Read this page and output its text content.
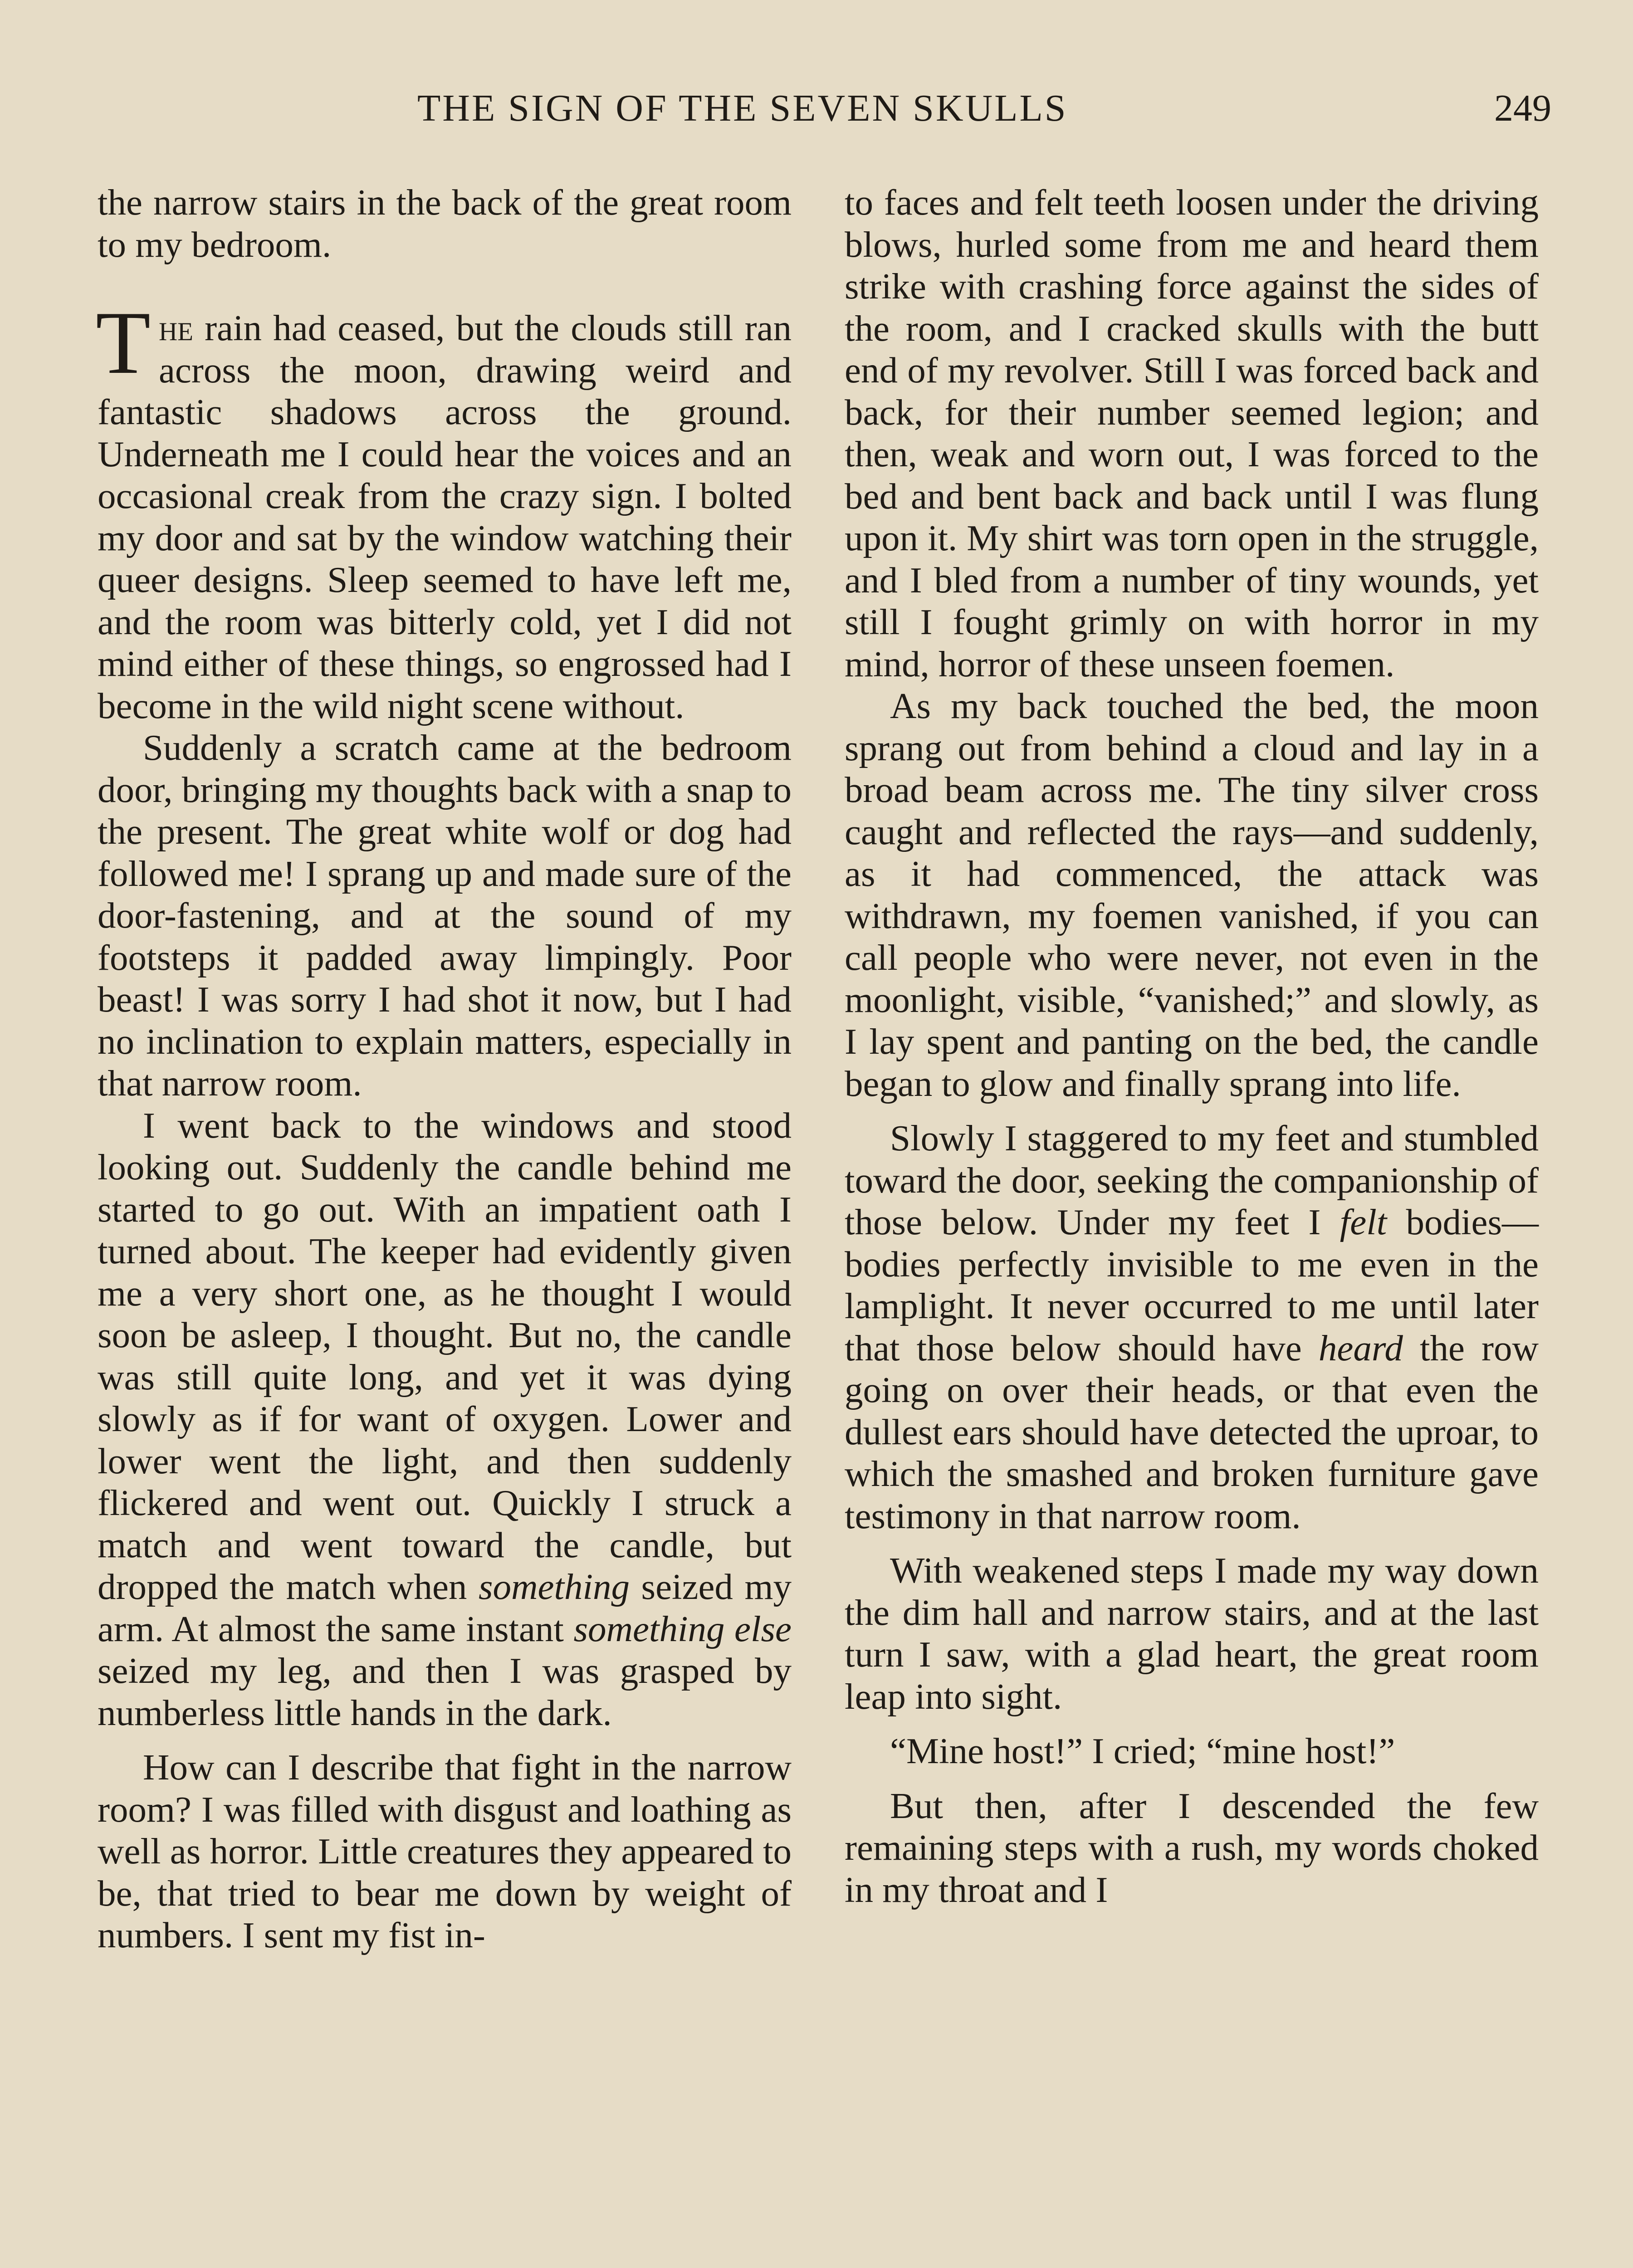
THE SIGN OF THE SEVEN SKULLS	249

the narrow stairs in the back of the great room to my bedroom.

The rain had ceased, but the clouds still ran across the moon, drawing weird and fantastic shadows across the ground. Underneath me I could hear the voices and an occasional creak from the crazy sign. I bolted my door and sat by the window watching their queer designs. Sleep seemed to have left me, and the room was bitterly cold, yet I did not mind either of these things, so engrossed had I become in the wild night scene without.

Suddenly a scratch came at the bedroom door, bringing my thoughts back with a snap to the present. The great white wolf or dog had followed me! I sprang up and made sure of the door-fastening, and at the sound of my footsteps it padded away limpingly. Poor beast! I was sorry I had shot it now, but I had no inclination to explain matters, especially in that narrow room.

I went back to the windows and stood looking out. Suddenly the candle behind me started to go out. With an impatient oath I turned about. The keeper had evidently given me a very short one, as he thought I would soon be asleep, I thought. But no, the candle was still quite long, and yet it was dying slowly as if for want of oxygen. Lower and lower went the light, and then suddenly flickered and went out. Quickly I struck a match and went toward the candle, but dropped the match when something seized my arm. At almost the same instant something else seized my leg, and then I was grasped by numberless little hands in the dark.

How can I describe that fight in the narrow room? I was filled with disgust and loathing as well as horror. Little creatures they appeared to be, that tried to bear me down by weight of numbers. I sent my fist in-

to faces and felt teeth loosen under the driving blows, hurled some from me and heard them strike with crashing force against the sides of the room, and I cracked skulls with the butt end of my revolver. Still I was forced back and back, for their number seemed legion; and then, weak and worn out, I was forced to the bed and bent back and back until I was flung upon it. My shirt was torn open in the struggle, and I bled from a number of tiny wounds, yet still I fought grimly on with horror in my mind, horror of these unseen foemen.

As my back touched the bed, the moon sprang out from behind a cloud and lay in a broad beam across me. The tiny silver cross caught and reflected the rays—and suddenly, as it had commenced, the attack was withdrawn, my foemen vanished, if you can call people who were never, not even in the moonlight, visible, “vanished;” and slowly, as I lay spent and panting on the bed, the candle began to glow and finally sprang into life.

Slowly I staggered to my feet and stumbled toward the door, seeking the companionship of those below. Under my feet I felt bodies—bodies perfectly invisible to me even in the lamplight. It never occurred to me until later that those below should have heard the row going on over their heads, or that even the dullest ears should have detected the uproar, to which the smashed and broken furniture gave testimony in that narrow room.

With weakened steps I made my way down the dim hall and narrow stairs, and at the last turn I saw, with a glad heart, the great room leap into sight.

“Mine host!” I cried; “mine host!”

But then, after I descended the few remaining steps with a rush, my words choked in my throat and I
